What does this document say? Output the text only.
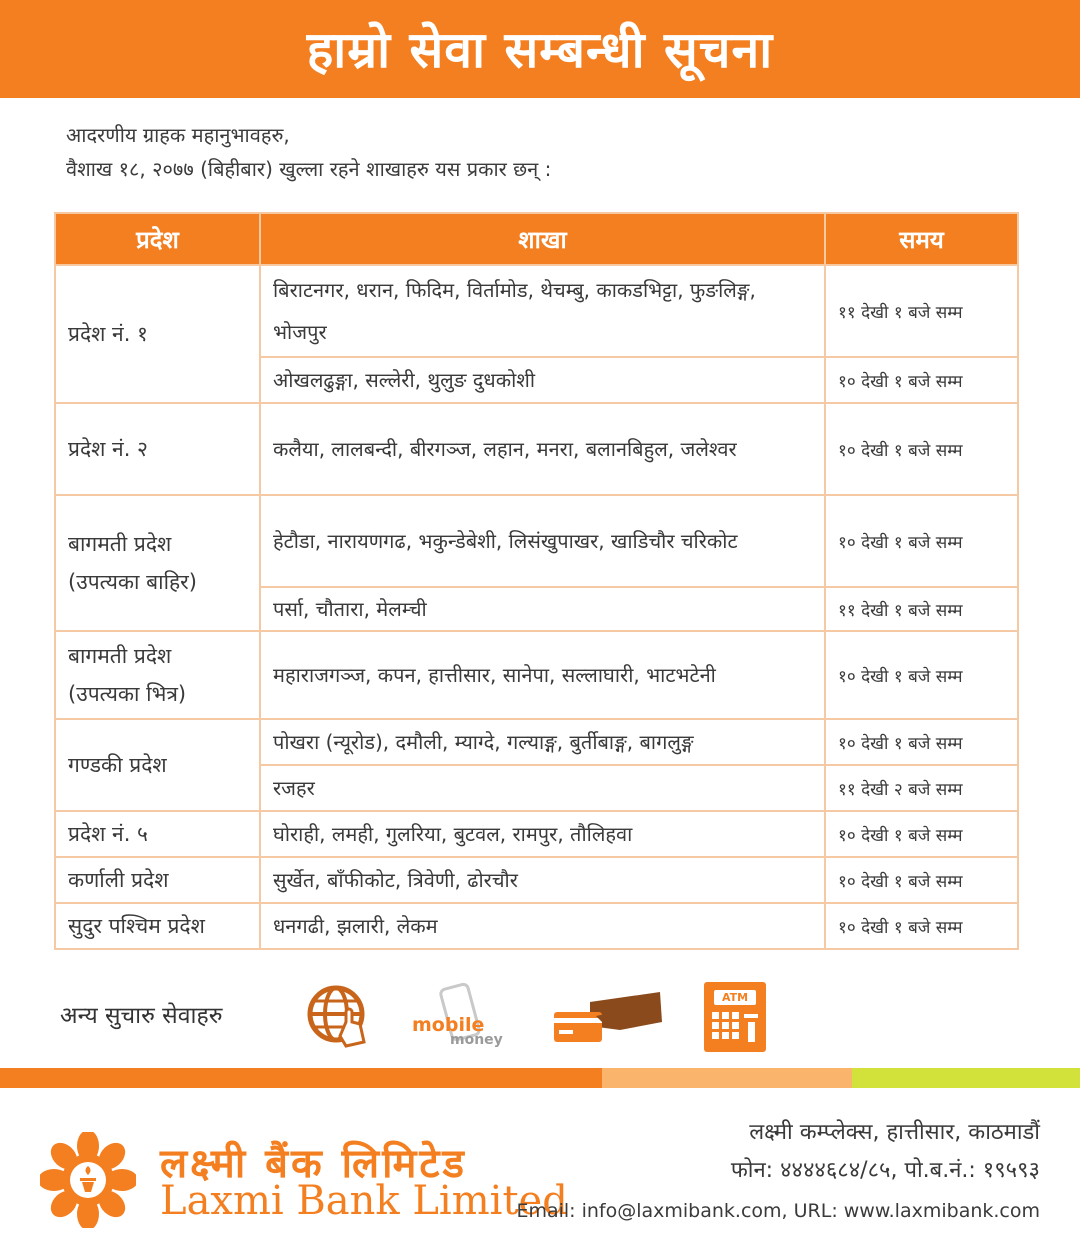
हाम्रो सेवा सम्बन्धी सूचना
आदरणीय ग्राहक महानुभावहरु,
वैशाख १८, २०७७ (बिहीबार) खुल्ला रहने शाखाहरु यस प्रकार छन् :
प्रदेश	शाखा	समय
प्रदेश नं. १	बिराटनगर, धरान, फिदिम, विर्तामोड, थेचम्बु, काकडभिट्टा, फुङलिङ्ग, भोजपुर	११ देखी १ बजे सम्म
	ओखलढुङ्गा, सल्लेरी, थुलुङ दुधकोशी	१० देखी १ बजे सम्म
प्रदेश नं. २	कलैया, लालबन्दी, बीरगञ्ज, लहान, मनरा, बलानबिहुल, जलेश्वर	१० देखी १ बजे सम्म
बागमती प्रदेश (उपत्यका बाहिर)	हेटौडा, नारायणगढ, भकुन्डेबेशी, लिसंखुपाखर, खाडिचौर चरिकोट	१० देखी १ बजे सम्म
	पर्सा, चौतारा, मेलम्ची	११ देखी १ बजे सम्म
बागमती प्रदेश (उपत्यका भित्र)	महाराजगञ्ज, कपन, हात्तीसार, सानेपा, सल्लाघारी, भाटभटेनी	१० देखी १ बजे सम्म
गण्डकी प्रदेश	पोखरा (न्यूरोड), दमौली, म्याग्दे, गल्याङ्ग, बुर्तीबाङ्ग, बागलुङ्ग	१० देखी १ बजे सम्म
	रजहर	११ देखी २ बजे सम्म
प्रदेश नं. ५	घोराही, लमही, गुलरिया, बुटवल, रामपुर, तौलिहवा	१० देखी १ बजे सम्म
कर्णाली प्रदेश	सुर्खेत, बाँफीकोट, त्रिवेणी, ढोरचौर	१० देखी १ बजे सम्म
सुदुर पश्चिम प्रदेश	धनगढी, झलारी, लेकम	१० देखी १ बजे सम्म
अन्य सुचारु सेवाहरु	mobile
money
ATM
लक्ष्मी बैंक लिमिटेड
Laxmi Bank Limited
लक्ष्मी कम्प्लेक्स, हात्तीसार, काठमाडौं
फोन: ४४४४६८४/८५, पो.ब.नं.: १९५९३
Email: info@laxmibank.com, URL: www.laxmibank.com
